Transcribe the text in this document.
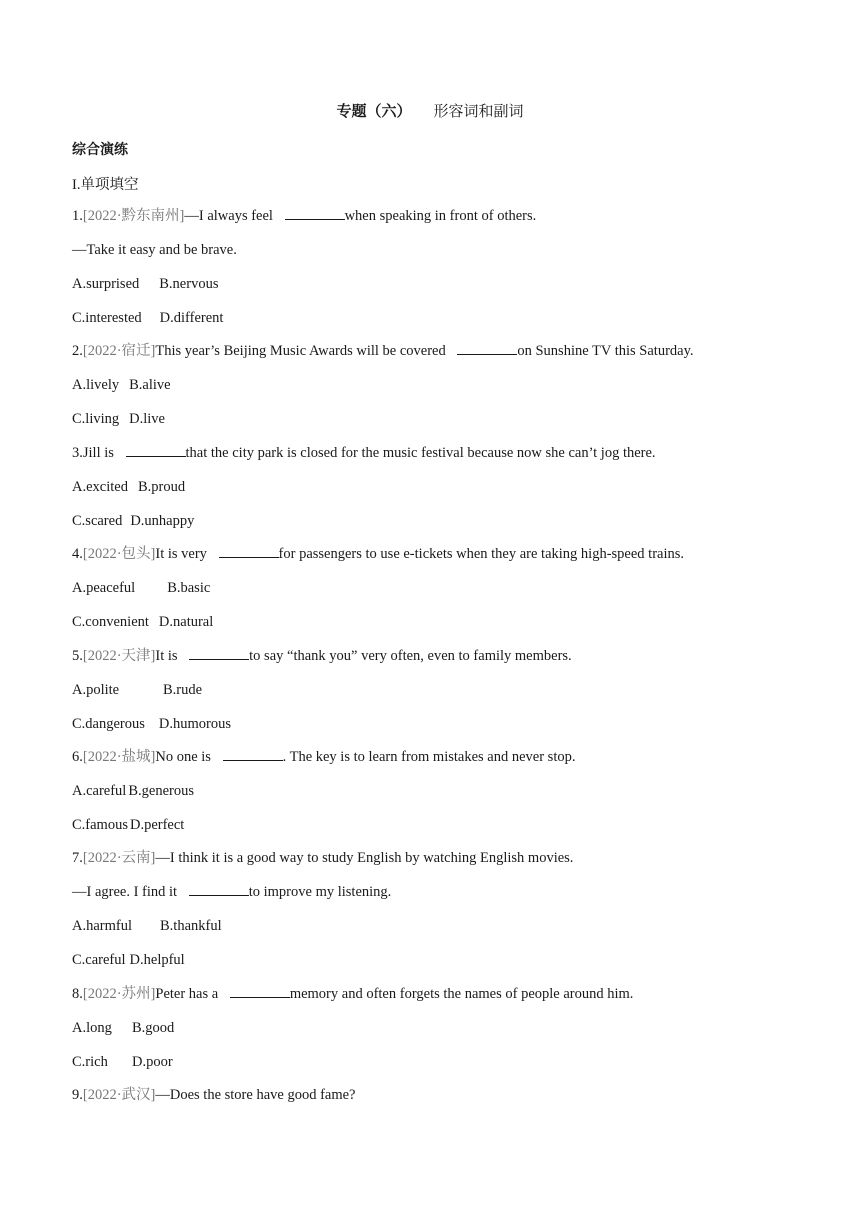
专题（六） 形容词和副词
综合演练
I.单项填空
1.[2022·黔东南州]—I always feel	when speaking in front of others.
—Take it easy and be brave.
A.surprised B.nervous
C.interested D.different
2.[2022·宿迁]This year’s Beijing Music Awards will be covered	on Sunshine TV this Saturday.
A.lively B.alive
C.living D.live
3.Jill is	that the city park is closed for the music festival because now she can’t jog there.
A.excited B.proud
C.scared D.unhappy
4.[2022·包头]It is very	for passengers to use e-tickets when they are taking high-speed trains.
A.peaceful B.basic
C.convenient D.natural
5.[2022·天津]It is	to say “thank you” very often, even to family members.
A.polite	B.rude
C.dangerous D.humorous
6.[2022·盐城]No one is	. The key is to learn from mistakes and never stop.
A.careful B.generous
C.famous D.perfect
7.[2022·云南]—I think it is a good way to study English by watching English movies.
—I agree. I find it	to improve my listening.
A.harmful B.thankful
C.careful D.helpful
8.[2022·苏州]Peter has a	memory and often forgets the names of people around him.
A.long B.good
C.rich D.poor
9.[2022·武汉]—Does the store have good fame?
